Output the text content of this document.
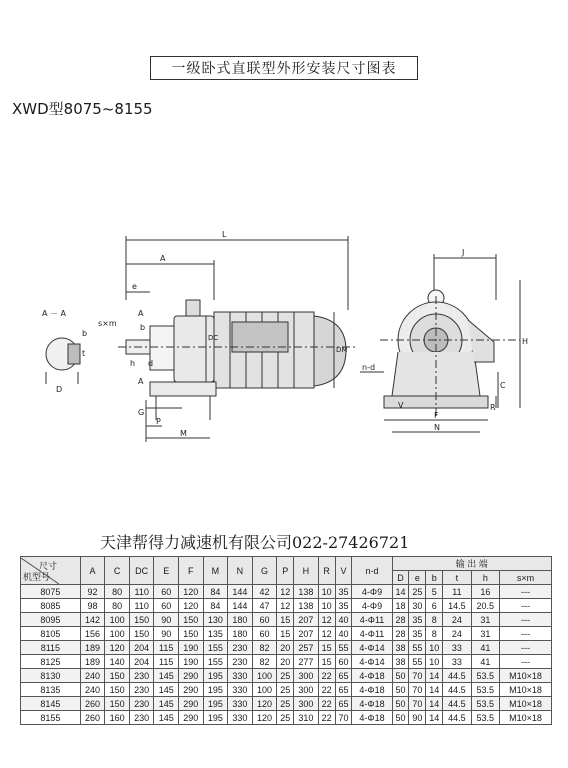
一级卧式直联型外形安装尺寸图表
XWD型8075~8155
L
A
e
b
DC
DM
G
P
M
s×m
A
A
d
h
A － A
b
t
D
J
H
C
R
V
F
N
n-d
天津帮得力减速机有限公司022-27426721
尺寸
机型号	A	C	DC	E	F	M	N	G	P	H	R	V	n-d	输 出 端					
														D	e	b	t	h	s×m
8075	92	80	110	60	120	84	144	42	12	138	10	35	4-Φ9	14	25	5	11	16	---
8085	98	80	110	60	120	84	144	47	12	138	10	35	4-Φ9	18	30	6	14.5	20.5	---
8095	142	100	150	90	150	130	180	60	15	207	12	40	4-Φ11	28	35	8	24	31	---
8105	156	100	150	90	150	135	180	60	15	207	12	40	4-Φ11	28	35	8	24	31	---
8115	189	120	204	115	190	155	230	82	20	257	15	55	4-Φ14	38	55	10	33	41	---
8125	189	140	204	115	190	155	230	82	20	277	15	60	4-Φ14	38	55	10	33	41	---
8130	240	150	230	145	290	195	330	100	25	300	22	65	4-Φ18	50	70	14	44.5	53.5	M10×18
8135	240	150	230	145	290	195	330	100	25	300	22	65	4-Φ18	50	70	14	44.5	53.5	M10×18
8145	260	150	230	145	290	195	330	120	25	300	22	65	4-Φ18	50	70	14	44.5	53.5	M10×18
8155	260	160	230	145	290	195	330	120	25	310	22	70	4-Φ18	50	90	14	44.5	53.5	M10×18
